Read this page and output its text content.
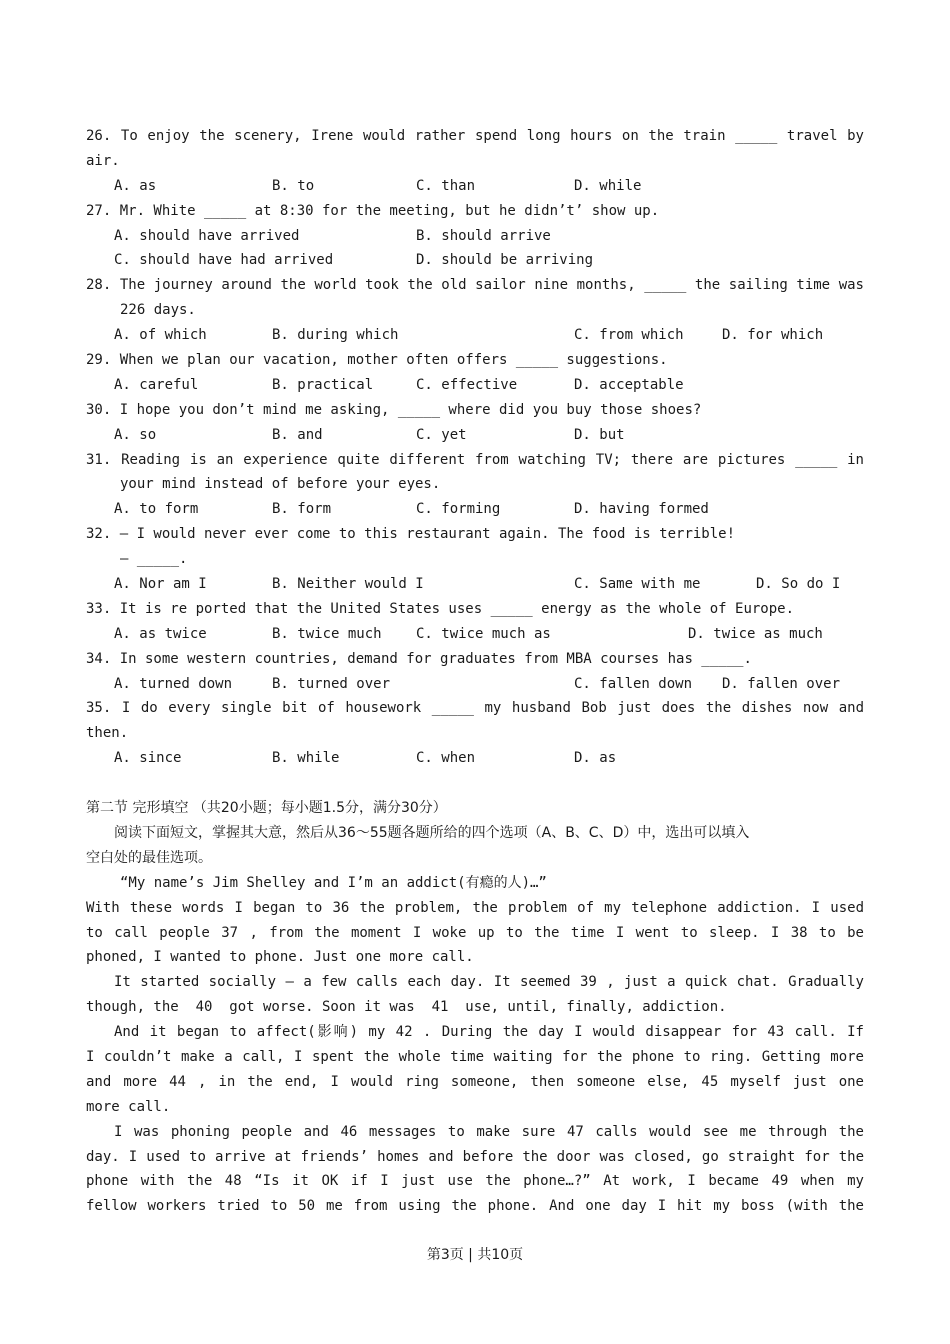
26. To enjoy the scenery, Irene would rather spend long hours on the train _____ travel by
air.

A. as

	B. to

	C. than

	D. while

27. Mr. White _____ at 8:30 for the meeting, but he didn’t’ show up.

A. should have arrived

	B. should arrive

C. should have had arrived

	D. should be arriving

28. The journey around the world took the old sailor nine months, _____ the sailing time was
226 days.

A. of which

	B. during which

	C. from which

	D. for which

29. When we plan our vacation, mother often offers _____ suggestions.

A. careful

	B. practical

	C. effective

	D. acceptable

30. I hope you don’t mind me asking, _____ where did you buy those shoes?

A. so

	B. and

	C. yet

	D. but

31. Reading is an experience quite different from watching TV; there are pictures _____ in
your mind instead of before your eyes.

A. to form

	B. form

	C. forming

	D. having formed

32. — I would never ever come to this restaurant again. The food is terrible!
— _____.

A. Nor am I

	B. Neither would I

	C. Same with me

	D. So do I

33. It is re ported that the United States uses _____ energy as the whole of Europe.

A. as twice

	B. twice much

C. twice much as

	D. twice as much

34. In some western countries, demand for graduates from MBA courses has _____.

A. turned down

	B. turned over

	C. fallen down

D. fallen over

35. I do every single bit of housework _____ my husband Bob just does the dishes now and
then.

A. since

	B. while

	C. when

	D. as

第二节 完形填空 （共20小题；每小题1.5分，满分30分）
阅读下面短文，掌握其大意，然后从36～55题各题所给的四个选项（A、B、C、D）中，选出可以填入
空白处的最佳选项。
“My name’s Jim Shelley and I’m an addict(有瘾的人)…”
With these words I began to 36 the problem, the problem of my telephone addiction. I used
to call people 37 , from the moment I woke up to the time I went to sleep. I 38 to be
phoned, I wanted to phone. Just one more call.
It started socially — a few calls each day. It seemed 39 , just a quick chat. Gradually
though, the  40  got worse. Soon it was  41  use, until, finally, addiction.
And it began to affect(影响) my 42 . During the day I would disappear for 43 call. If
I couldn’t make a call, I spent the whole time waiting for the phone to ring. Getting more
and more 44 , in the end, I would ring someone, then someone else, 45 myself just one
more call.
I was phoning people and 46 messages to make sure 47 calls would see me through the
day. I used to arrive at friends’ homes and before the door was closed, go straight for the
phone with the 48 “Is it OK if I just use the phone…?” At work, I became 49 when my
fellow workers tried to 50 me from using the phone. And one day I hit my boss (with the
第3页 | 共10页
